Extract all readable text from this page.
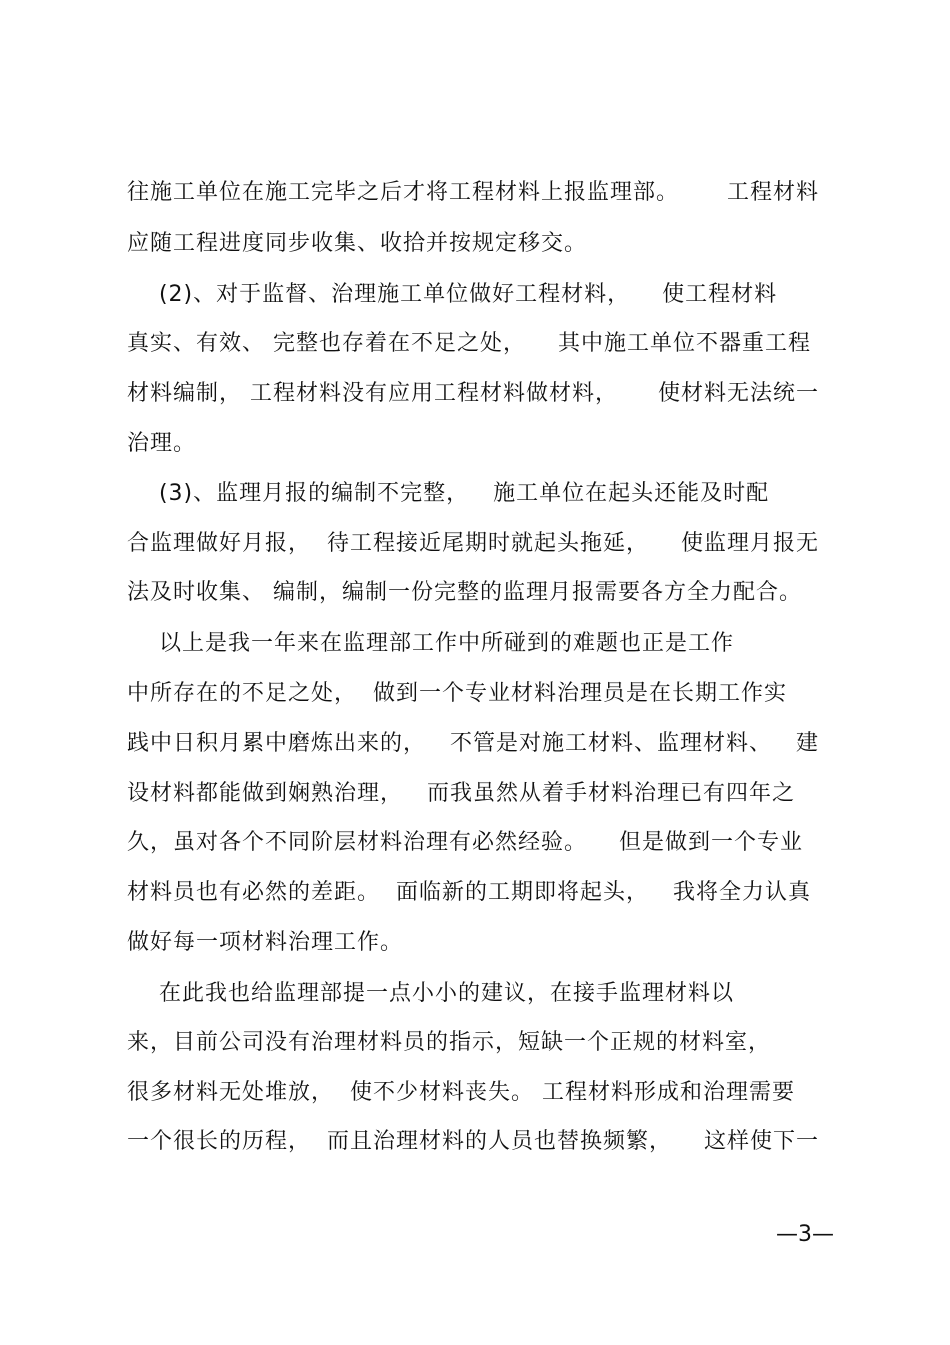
往施工单位在施工完毕之后才将工程材料上报监理部。      工程材料
应随工程进度同步收集、收拾并按规定移交。
(2)、对于监督、治理施工单位做好工程材料，    使工程材料
真实、有效、 完整也存着在不足之处，    其中施工单位不器重工程
材料编制， 工程材料没有应用工程材料做材料，     使材料无法统一
治理。
(3)、监理月报的编制不完整，   施工单位在起头还能及时配
合监理做好月报，  待工程接近尾期时就起头拖延，    使监理月报无
法及时收集、 编制，编制一份完整的监理月报需要各方全力配合。
以上是我一年来在监理部工作中所碰到的难题也正是工作
中所存在的不足之处，  做到一个专业材料治理员是在长期工作实
践中日积月累中磨炼出来的，   不管是对施工材料、监理材料、   建
设材料都能做到娴熟治理，   而我虽然从着手材料治理已有四年之
久，虽对各个不同阶层材料治理有必然经验。    但是做到一个专业
材料员也有必然的差距。  面临新的工期即将起头，   我将全力认真
做好每一项材料治理工作。
在此我也给监理部提一点小小的建议，在接手监理材料以
来，目前公司没有治理材料员的指示，短缺一个正规的材料室，
很多材料无处堆放，  使不少材料丧失。 工程材料形成和治理需要
一个很长的历程，  而且治理材料的人员也替换频繁，    这样使下一
—3—
